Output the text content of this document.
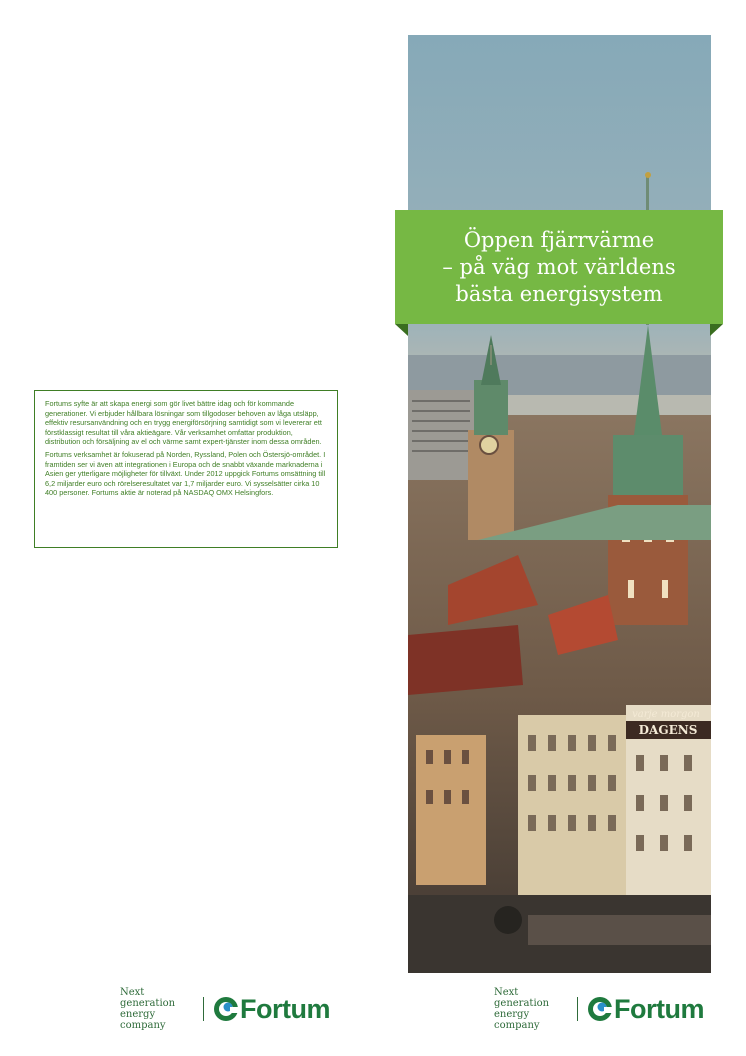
Fortums syfte är att skapa energi som gör livet bättre idag och för kommande generationer. Vi erbjuder hållbara lösningar som tillgodoser behoven av låga utsläpp, effektiv resursanvändning och en trygg energiförsörjning samtidigt som vi levererar ett förstklassigt resultat till våra aktieägare. Vår verksamhet omfattar produktion, distribution och försäljning av el och värme samt expert-tjänster inom dessa områden.

Fortums verksamhet är fokuserad på Norden, Ryssland, Polen och Östersjö-området. I framtiden ser vi även att integrationen i Europa och de snabbt växande marknaderna i Asien ger ytterligare möjligheter för tillväxt. Under 2012 uppgick Fortums omsättning till 6,2 miljarder euro och rörelseresultatet var 1,7 miljarder euro. Vi sysselsätter cirka 10 400 personer. Fortums aktie är noterad på NASDAQ OMX Helsingfors.

DAGENS
varje morgon
Öppen fjärrvärme
– på väg mot världens
bästa energisystem
Next generation
energy company
Fortum
Next generation
energy company
Fortum
